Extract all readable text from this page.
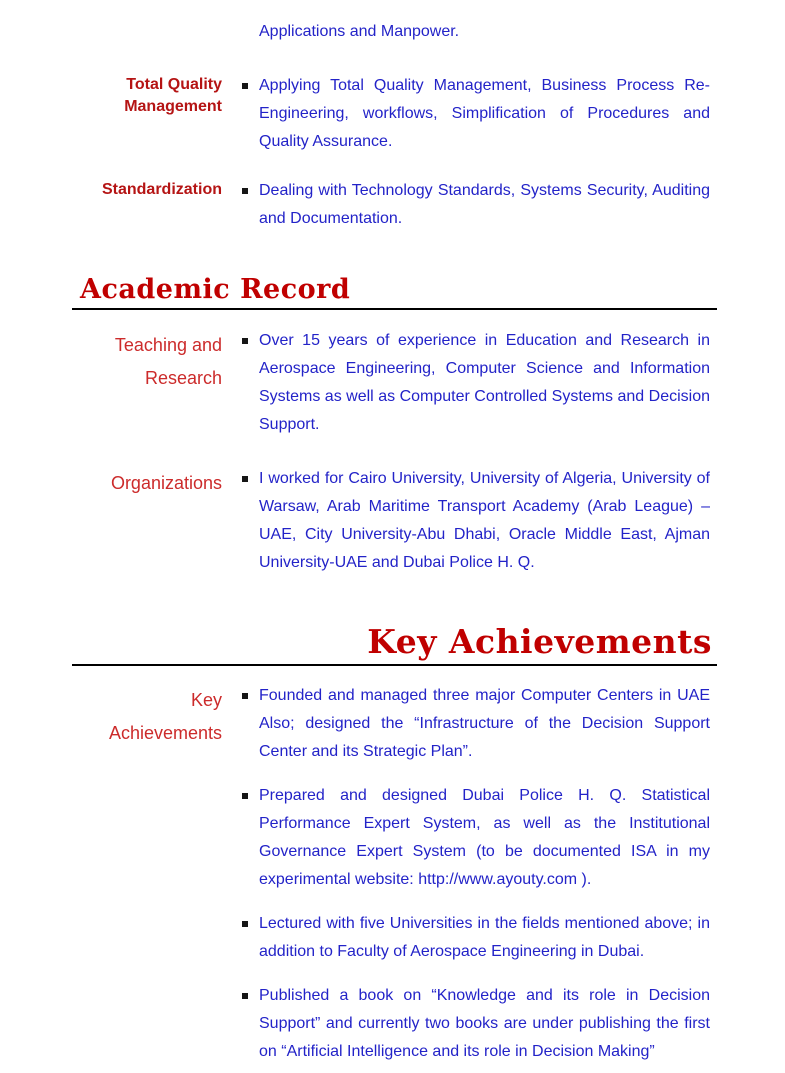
Applications and Manpower.
Total Quality Management
Applying Total Quality Management, Business Process Re-Engineering, workflows, Simplification of Procedures and Quality Assurance.
Standardization	Dealing with Technology Standards, Systems Security, Auditing and Documentation.
Academic Record
Teaching and Research
Over 15 years of experience in Education and Research in Aerospace Engineering, Computer Science and Information Systems as well as Computer Controlled Systems and Decision Support.
Organizations	I worked for Cairo University, University of Algeria, University of Warsaw, Arab Maritime Transport Academy (Arab League) – UAE, City University-Abu Dhabi, Oracle Middle East, Ajman University-UAE and Dubai Police H. Q.
Key Achievements
Key Achievements
Founded and managed three major Computer Centers in UAE Also; designed the “Infrastructure of the Decision Support Center and its Strategic Plan”.
Prepared and designed Dubai Police H. Q. Statistical Performance Expert System, as well as the Institutional Governance Expert System (to be documented ISA in my experimental website: http://www.ayouty.com ).
Lectured with five Universities in the fields mentioned above; in addition to Faculty of Aerospace Engineering in Dubai.
Published a book on “Knowledge and its role in Decision Support” and currently two books are under publishing the first on “Artificial Intelligence and its role in Decision Making”
